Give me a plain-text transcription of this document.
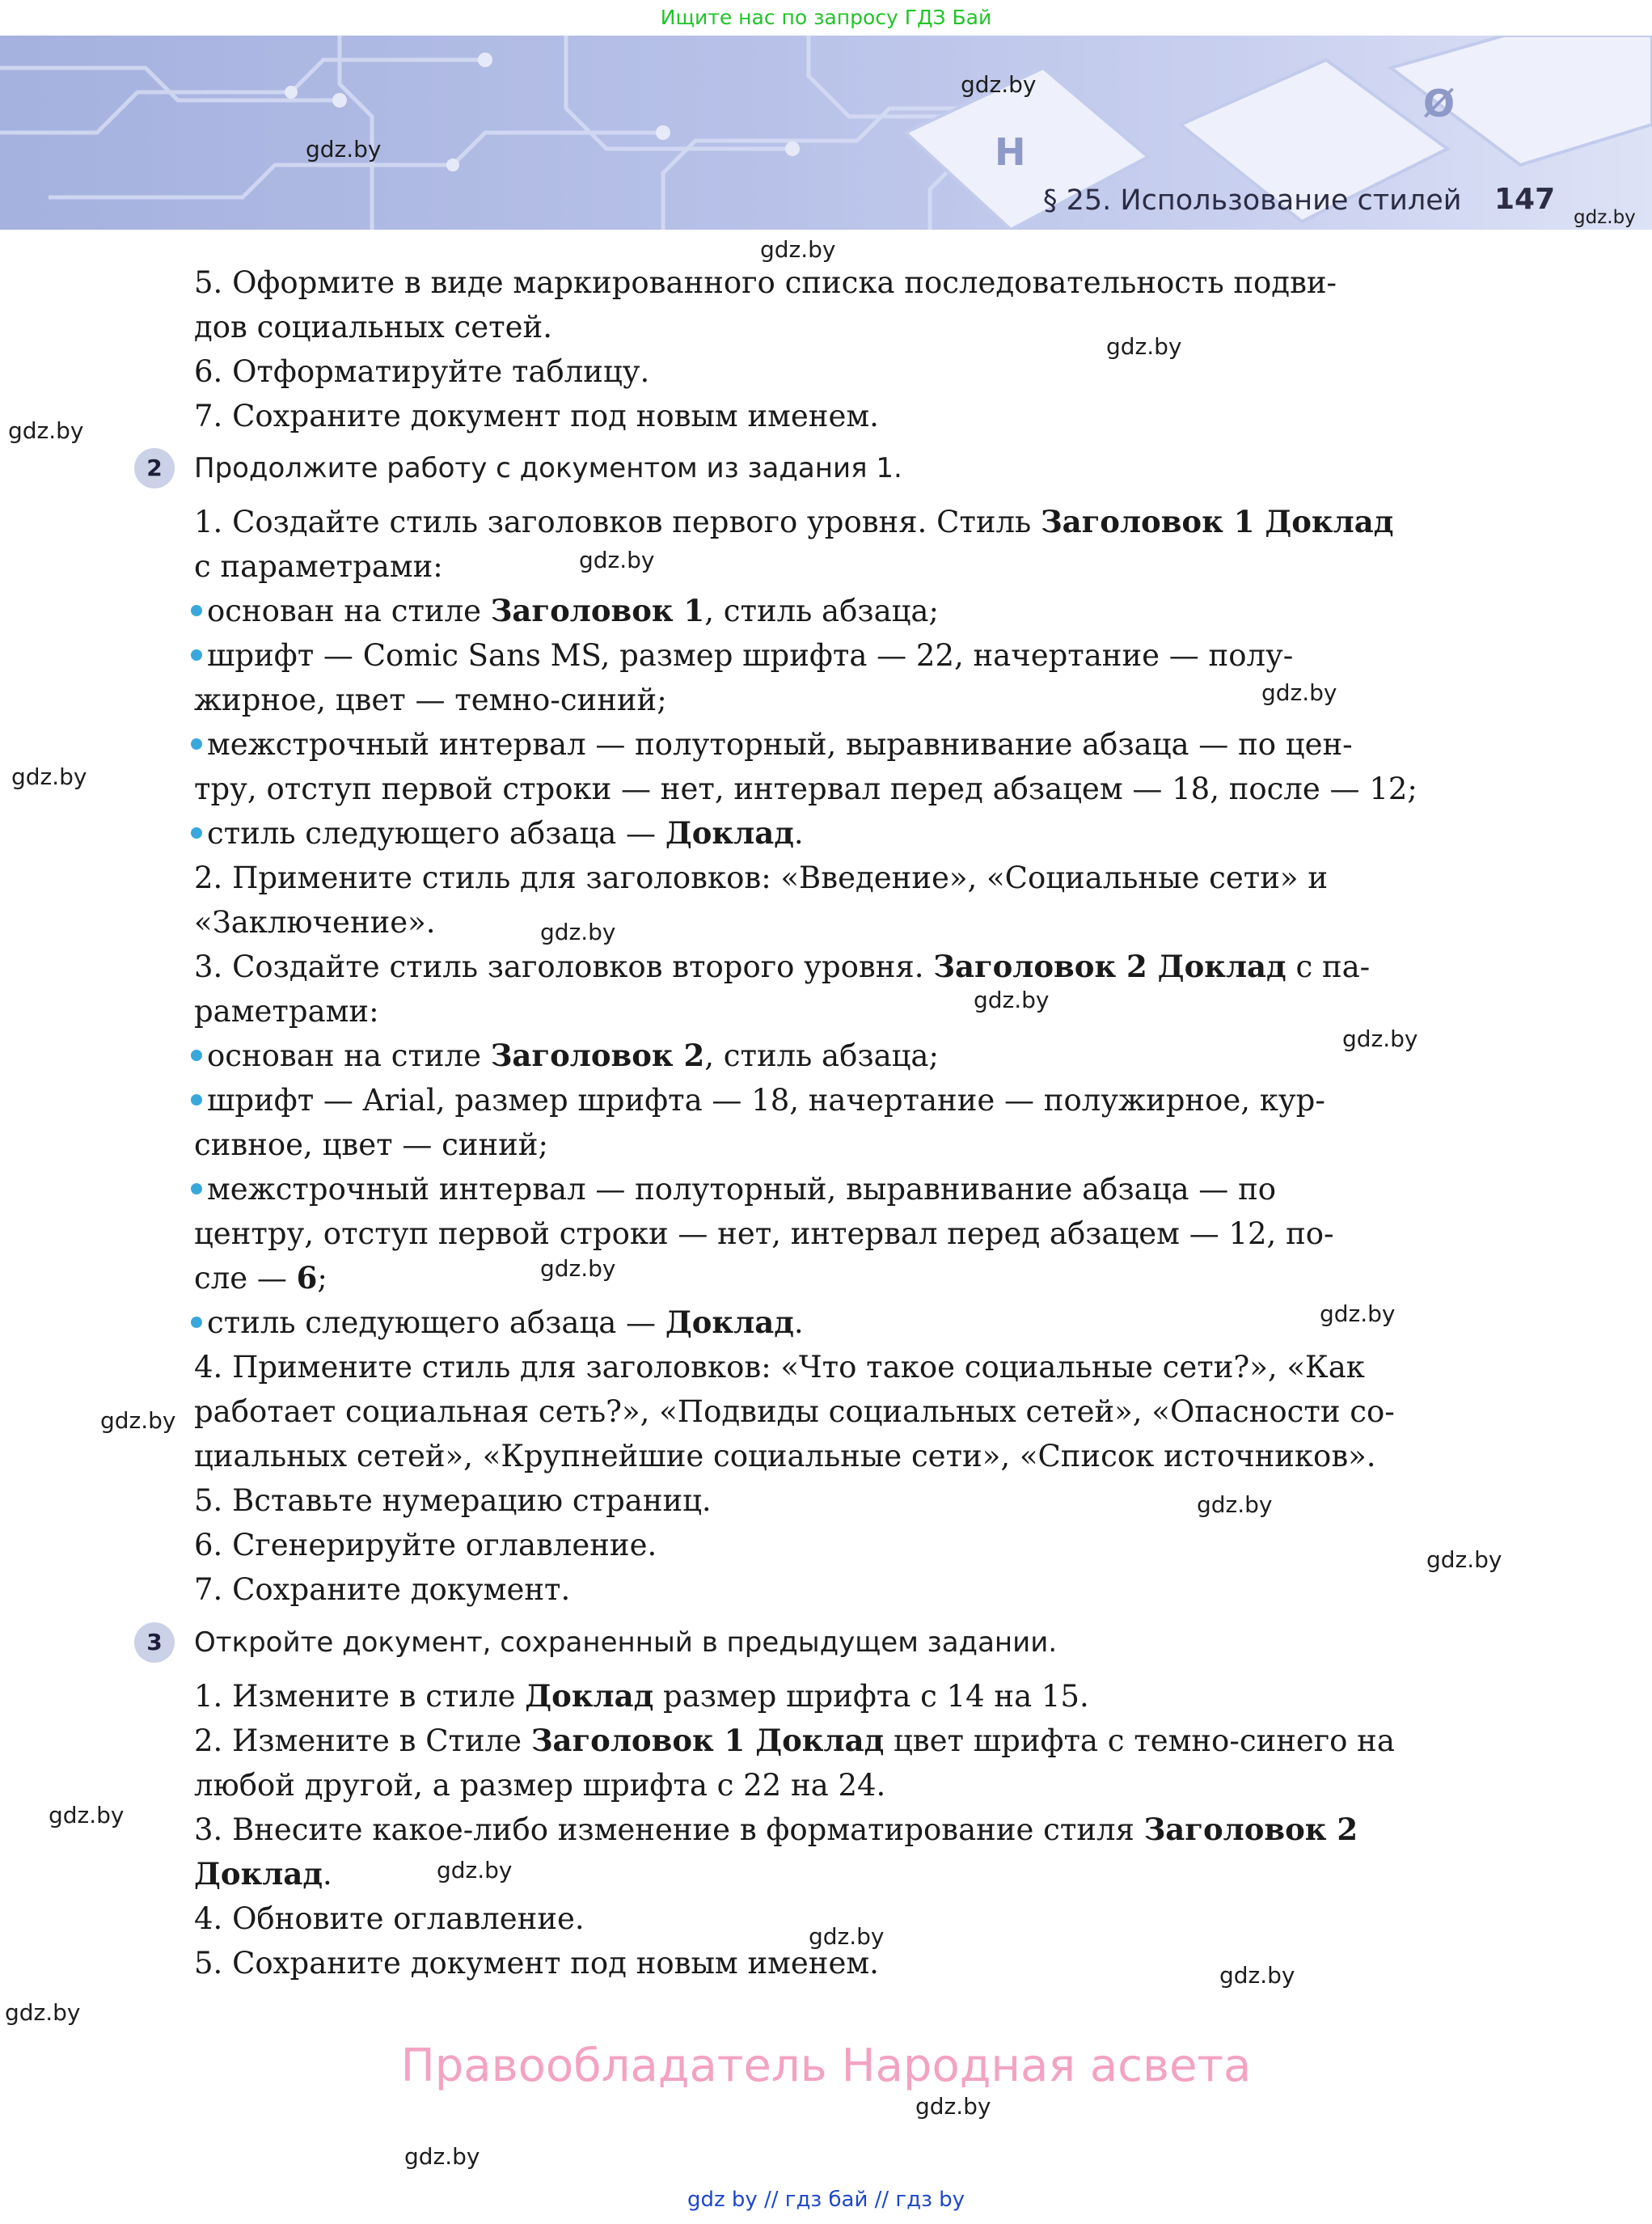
Ищите нас по запросу ГДЗ Бай
H
Ø
§ 25. Использование стилей 147
5. Оформите в виде маркированного списка последовательность подви-
дов социальных сетей.
6. Отформатируйте таблицу.
7. Сохраните документ под новым именем.
2	Продолжите работу с документом из задания 1.
1. Создайте стиль заголовков первого уровня. Стиль Заголовок 1 Доклад
с параметрами:
основан на стиле Заголовок 1, стиль абзаца;
шрифт — Comic Sans MS, размер шрифта — 22, начертание — полу-
жирное, цвет — темно-синий;
межстрочный интервал — полуторный, выравнивание абзаца — по цен-
тру, отступ первой строки — нет, интервал перед абзацем — 18, после — 12;
стиль следующего абзаца — Доклад.
2. Примените стиль для заголовков: «Введение», «Социальные сети» и
«Заключение».
3. Создайте стиль заголовков второго уровня. Заголовок 2 Доклад с па-
раметрами:
основан на стиле Заголовок 2, стиль абзаца;
шрифт — Arial, размер шрифта — 18, начертание — полужирное, кур-
сивное, цвет — синий;
межстрочный интервал — полуторный, выравнивание абзаца — по
центру, отступ первой строки — нет, интервал перед абзацем — 12, по-
сле — 6;
стиль следующего абзаца — Доклад.
4. Примените стиль для заголовков: «Что такое социальные сети?», «Как
работает социальная сеть?», «Подвиды социальных сетей», «Опасности со-
циальных сетей», «Крупнейшие социальные сети», «Список источников».
5. Вставьте нумерацию страниц.
6. Сгенерируйте оглавление.
7. Сохраните документ.
3	Откройте документ, сохраненный в предыдущем задании.
1. Измените в стиле Доклад размер шрифта с 14 на 15.
2. Измените в Стиле Заголовок 1 Доклад цвет шрифта с темно-синего на
любой другой, а размер шрифта с 22 на 24.
3. Внесите какое-либо изменение в форматирование стиля Заголовок 2
Доклад.
4. Обновите оглавление.
5. Сохраните документ под новым именем.
gdz.by
gdz.by
gdz.by
gdz.by
gdz.by
gdz.by
gdz.by
gdz.by
gdz.by
gdz.by
gdz.by
gdz.by
gdz.by
gdz.by
gdz.by
gdz.by
gdz.by
gdz.by
gdz.by
gdz.by
gdz.by
gdz.by
gdz.by
gdz.by
Правообладатель Народная асвета
gdz by // гдз бай // гдз by
